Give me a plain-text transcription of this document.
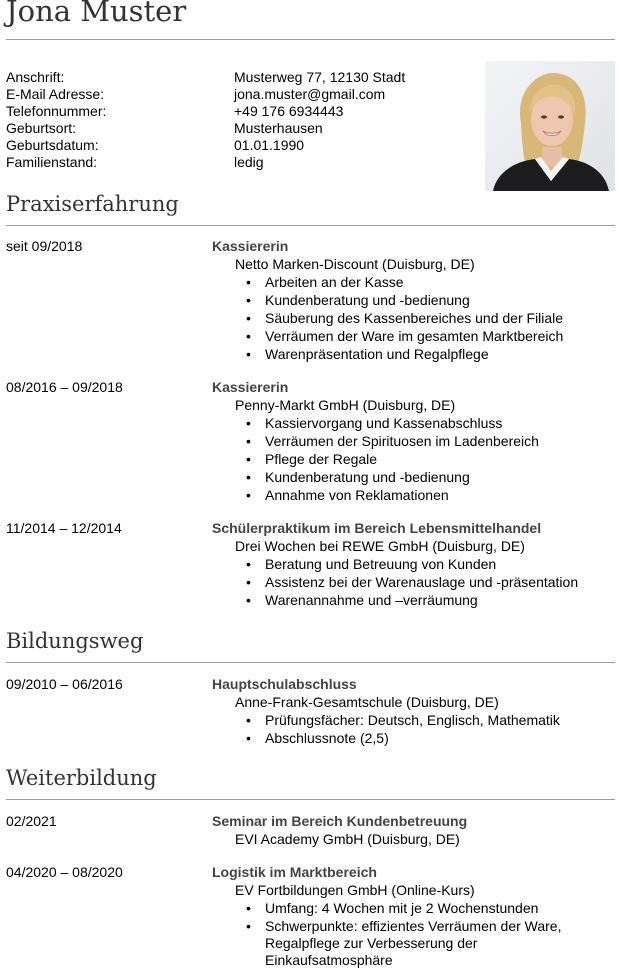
Jona Muster
Anschrift:	Musterweg 77, 12130 Stadt
E-Mail Adresse:	jona.muster@gmail.com
Telefonnummer:	+49 176 6934443
Geburtsort:	Musterhausen
Geburtsdatum:	01.01.1990
Familienstand:	ledig
Praxiserfahrung
seit 09/2018	Kassiererin
Netto Marken-Discount (Duisburg, DE)
• Arbeiten an der Kasse
• Kundenberatung und -bedienung
• Säuberung des Kassenbereiches und der Filiale
• Verräumen der Ware im gesamten Marktbereich
• Warenpräsentation und Regalpflege
08/2016 – 09/2018	Kassiererin
Penny-Markt GmbH (Duisburg, DE)
• Kassiervorgang und Kassenabschluss
• Verräumen der Spirituosen im Ladenbereich
• Pflege der Regale
• Kundenberatung und -bedienung
• Annahme von Reklamationen
11/2014 – 12/2014	Schülerpraktikum im Bereich Lebensmittelhandel
Drei Wochen bei REWE GmbH (Duisburg, DE)
• Beratung und Betreuung von Kunden
• Assistenz bei der Warenauslage und -präsentation
• Warenannahme und –verräumung
Bildungsweg
09/2010 – 06/2016	Hauptschulabschluss
Anne-Frank-Gesamtschule (Duisburg, DE)
• Prüfungsfächer: Deutsch, Englisch, Mathematik
• Abschlussnote (2,5)
Weiterbildung
02/2021	Seminar im Bereich Kundenbetreuung
EVI Academy GmbH (Duisburg, DE)
04/2020 – 08/2020	Logistik im Marktbereich
EV Fortbildungen GmbH (Online-Kurs)
• Umfang: 4 Wochen mit je 2 Wochenstunden
• Schwerpunkte: effizientes Verräumen der Ware,
Regalpflege zur Verbesserung der
Einkaufsatmosphäre
